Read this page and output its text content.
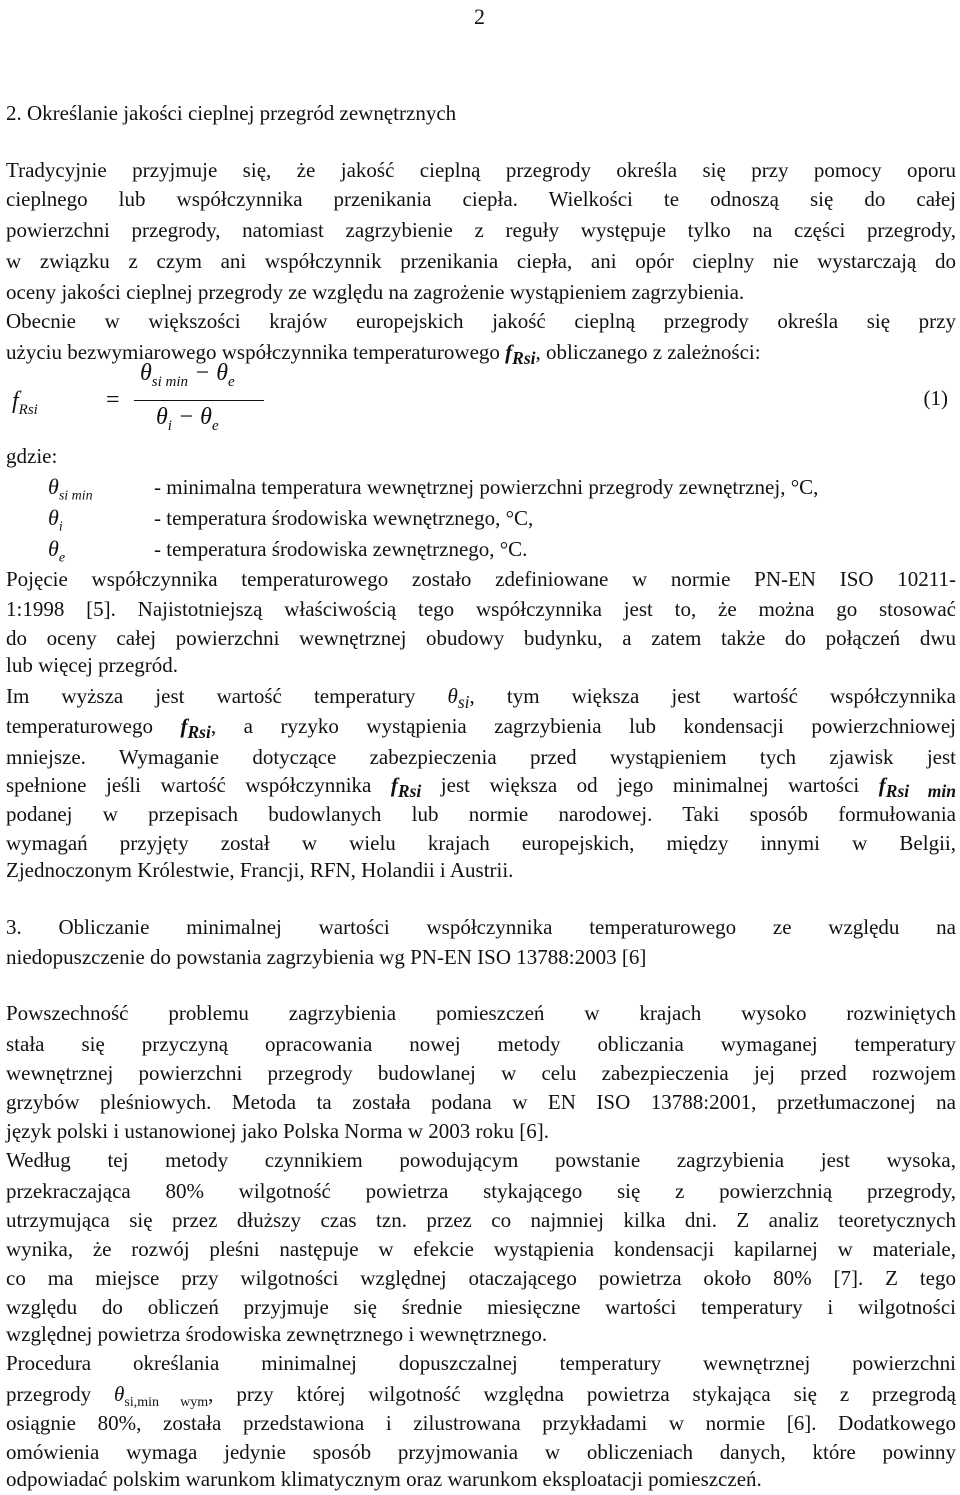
2
2. Określanie jakości cieplnej przegród zewnętrznych
Tradycyjnie przyjmuje się, że jakość cieplną przegrody określa się przy pomocy oporu
cieplnego lub współczynnika przenikania ciepła. Wielkości te odnoszą się do całej
powierzchni przegrody, natomiast zagrzybienie z reguły występuje tylko na części przegrody,
w związku z czym ani współczynnik przenikania ciepła, ani opór cieplny nie wystarczają do
oceny jakości cieplnej przegrody ze względu na zagrożenie wystąpieniem zagrzybienia.
Obecnie w większości krajów europejskich jakość cieplną przegrody określa się przy
użyciu bezwymiarowego współczynnika temperaturowego $f_{Rsi}$, obliczanego z zależności:
$f_{Rsi}$	=
$\theta_{si min} - \theta_e$
$\theta_i - \theta_e$
(1)
gdzie:
$\theta_{si min}$	- minimalna temperatura wewnętrznej powierzchni przegrody zewnętrznej, °C,
$\theta_i$	- temperatura środowiska wewnętrznego, °C,
$\theta_e$	- temperatura środowiska zewnętrznego, °C.
Pojęcie współczynnika temperaturowego zostało zdefiniowane w normie PN-EN ISO 10211-
1:1998 [5]. Najistotniejszą właściwością tego współczynnika jest to, że można go stosować
do oceny całej powierzchni wewnętrznej obudowy budynku, a zatem także do połączeń dwu
lub więcej przegród.
Im wyższa jest wartość temperatury $\theta_{si}$, tym większa jest wartość współczynnika
temperaturowego $f_{Rsi}$, a ryzyko wystąpienia zagrzybienia lub kondensacji powierzchniowej
mniejsze. Wymaganie dotyczące zabezpieczenia przed wystąpieniem tych zjawisk jest
spełnione jeśli wartość współczynnika $f_{Rsi}$ jest większa od jego minimalnej wartości $f_{Rsi min}$
podanej w przepisach budowlanych lub normie narodowej. Taki sposób formułowania
wymagań przyjęty został w wielu krajach europejskich, między innymi w Belgii,
Zjednoczonym Królestwie, Francji, RFN, Holandii i Austrii.
3. Obliczanie minimalnej wartości współczynnika temperaturowego ze względu na
niedopuszczenie do powstania zagrzybienia wg PN-EN ISO 13788:2003 [6]
Powszechność problemu zagrzybienia pomieszczeń w krajach wysoko rozwiniętych
stała się przyczyną opracowania nowej metody obliczania wymaganej temperatury
wewnętrznej powierzchni przegrody budowlanej w celu zabezpieczenia jej przed rozwojem
grzybów pleśniowych. Metoda ta została podana w EN ISO 13788:2001, przetłumaczonej na
język polski i ustanowionej jako Polska Norma w 2003 roku [6].
Według tej metody czynnikiem powodującym powstanie zagrzybienia jest wysoka,
przekraczająca 80% wilgotność powietrza stykającego się z powierzchnią przegrody,
utrzymująca się przez dłuższy czas tzn. przez co najmniej kilka dni. Z analiz teoretycznych
wynika, że rozwój pleśni następuje w efekcie wystąpienia kondensacji kapilarnej w materiale,
co ma miejsce przy wilgotności względnej otaczającego powietrza około 80% [7]. Z tego
względu do obliczeń przyjmuje się średnie miesięczne wartości temperatury i wilgotności
względnej powietrza środowiska zewnętrznego i wewnętrznego.
Procedura określania minimalnej dopuszczalnej temperatury wewnętrznej powierzchni
przegrody $\theta_{si,min wym}$, przy której wilgotność względna powietrza stykająca się z przegrodą
osiągnie 80%, została przedstawiona i zilustrowana przykładami w normie [6]. Dodatkowego
omówienia wymaga jedynie sposób przyjmowania w obliczeniach danych, które powinny
odpowiadać polskim warunkom klimatycznym oraz warunkom eksploatacji pomieszczeń.
